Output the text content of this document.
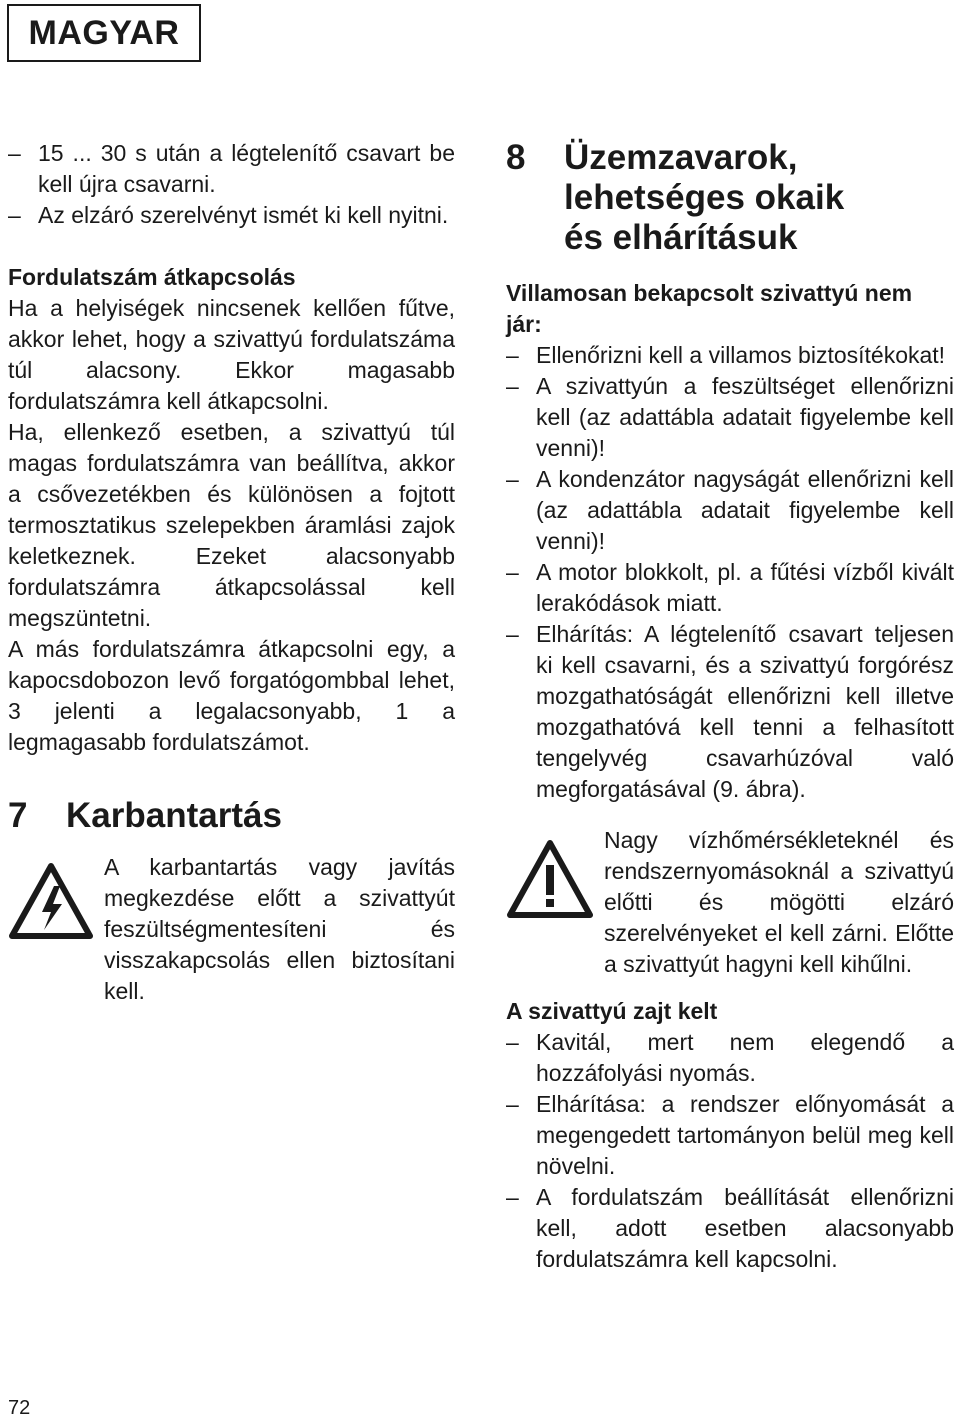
MAGYAR
– 15 ... 30 s után a légtelenítő csavart be kell újra csavarni.
– Az elzáró szerelvényt ismét ki kell nyitni.
Fordulatszám átkapcsolás
Ha a helyiségek nincsenek kellően fűtve, akkor lehet, hogy a szivattyú fordulatszáma túl alacsony. Ekkor magasabb fordulatszámra kell átkapcsolni.
Ha, ellenkező esetben, a szivattyú túl magas fordulatszámra van beállítva, akkor a csővezetékben és különösen a fojtott termosztatikus szelepekben áramlási zajok keletkeznek. Ezeket alacsonyabb fordulatszámra átkapcsolással kell megszüntetni.
A más fordulatszámra átkapcsolni egy, a kapocsdobozon levő forgatógombbal lehet, 3 jelenti a legalacsonyabb, 1 a legmagasabb fordulatszámot.
7	Karbantartás
A karbantartás vagy javítás megkezdése előtt a szivattyút feszültségmentesíteni és visszakapcsolás ellen biztosítani kell.
8	Üzemzavarok,
lehetséges okaik
és elhárításuk
Villamosan bekapcsolt szivattyú nem jár:
– Ellenőrizni kell a villamos biztosítékokat!
– A szivattyún a feszültséget ellenőrizni kell (az adattábla adatait figyelembe kell venni)!
– A kondenzátor nagyságát ellenőrizni kell (az adattábla adatait figyelembe kell venni)!
– A motor blokkolt, pl. a fűtési vízből kivált lerakódások miatt.
– Elhárítás: A légtelenítő csavart teljesen ki kell csavarni, és a szivattyú forgórész mozgathatóságát ellenőrizni kell illetve mozgathatóvá kell tenni a felhasított tengelyvég csavarhúzóval való megforgatásával (9. ábra).
Nagy vízhőmérsékleteknél és rendszernyomásoknál a szivattyú előtti és mögötti elzáró szerelvényeket el kell zárni. Előtte a szivattyút hagyni kell kihűlni.
A szivattyú zajt kelt
– Kavitál, mert nem elegendő a hozzáfolyási nyomás.
– Elhárítása: a rendszer előnyomását a megengedett tartományon belül meg kell növelni.
– A fordulatszám beállítását ellenőrizni kell, adott esetben alacsonyabb fordulatszámra kell kapcsolni.
72
